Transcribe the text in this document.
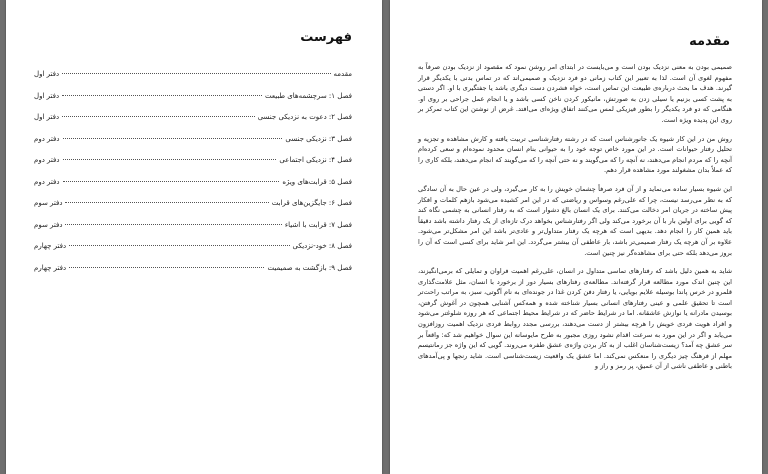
فهرست
مقدمه
دفتر اول
فصل ۱: سرچشمه‌های طبیعت
دفتر اول
فصل ۲: دعوت به نزدیکی جنسی
دفتر اول
فصل ۳: نزدیکی جنسی
دفتر دوم
فصل ۴: نزدیکی اجتماعی
دفتر دوم
فصل ۵: قرابت‌های ویژه
دفتر دوم
فصل ۶: جایگزین‌های قرابت
دفتر سوم
فصل ۷: قرابت با اشیاء
دفتر سوم
فصل ۸: خود-نزدیکی
دفتر چهارم
فصل ۹: بازگشت به صمیمیت
دفتر چهارم
مقدمه

صمیمی بودن به معنی نزدیک بودن است و می‌بایست در ابتدای امر روشن نمود که مقصود از نزدیک بودن صرفاً به مفهوم لغوی آن است. لذا به تعبیر این کتاب زمانی دو فرد نزدیک و صمیمی‌اند که در تماس بدنی با یکدیگر قرار گیرند. هدف ما بحث درباره‌ی طبیعت این تماس است، خواه فشردن دست دیگری باشد یا جفتگیری با او. اگر دستی به پشت کسی بزنیم یا سیلی زدن به صورتش، مانیکور کردن ناخن کسی باشد و یا انجام عمل جراحی بر روی او. هنگامی که دو فرد یکدیگر را بطور فیزیکی لمس می‌کنند اتفاق ویژه‌ای می‌افتد. غرض از نوشتن این کتاب تمرکز بر روی این پدیده ویژه است.

روش من در این کار شیوه یک جانورشناس است که در رشته رفتارشناسی تربیت یافته و کارش مشاهده و تجزیه و تحلیل رفتار حیوانات است. در این مورد خاص توجه خود را به حیوانی بنام انسان محدود نموده‌ام و سعی کرده‌ام آنچه را که مردم انجام می‌دهند، نه آنچه را که می‌گویند و نه حتی آنچه را که می‌گویند که انجام می‌دهند، بلکه کاری را که عملاً بدان مشغولند مورد مشاهده قرار دهم.

این شیوه بسیار ساده می‌نماید و از آن فرد صرفاً چشمان خویش را به کار می‌گیرد، ولی در عین حال به آن سادگی که به نظر می‌رسد نیست، چرا که علی‌رغم وسواس و ریاضتی که در این امر کشیده می‌شود بازهم کلمات و افکار پیش ساخته در جریان امر دخالت می‌کنند. برای یک انسان بالغ دشوار است که به رفتار انسانی به چشمی نگاه کند که گویی برای اولین بار با آن برخورد می‌کند ولی اگر رفتارشناس بخواهد درک تازه‌ای از یک رفتار داشته باشد دقیقاً باید همین کار را انجام دهد. بدیهی است که هرچه یک رفتار متداول‌تر و عادی‌تر باشد این امر مشکل‌تر می‌شود. علاوه بر آن هرچه یک رفتار صمیمی‌تر باشد، بار عاطفی آن بیشتر می‌گردد. این امر شاید برای کسی است که آن را بروز می‌دهد بلکه حتی برای مشاهده‌گر نیز چنین است.

شاید به همین دلیل باشد که رفتارهای تماسی متداول در انسان، علی‌رغم اهمیت فراوان و تمایلی که برمی‌انگیزند، این چنین اندک مورد مطالعه قرار گرفته‌اند. مطالعه‌ی رفتارهای بسیار دور از برخورد با انسان، مثل علامت‌گذاری قلمرو در خرس پاندا بوسیله علایم بویایی، یا رفتار دفن کردن غذا در جونده‌ای به نام آگوتی، سبز، به مراتب راحت‌تر است تا تحقیق علمی و عینی رفتارهای انسانی بسیار شناخته شده و همه‌کس آشنایی همچون در آغوش گرفتن، بوسیدن مادرانه یا نوازش عاشقانه. اما در شرایط حاضر که در شرایط محیط اجتماعی که هر روزه شلوغتر می‌شود و افراد هویت فردی خویش را هرچه بیشتر از دست می‌دهند، بررسی مجدد روابط فردی نزدیک اهمیت روزافزون می‌یابد و اگر در این مورد به سرعت اقدام نشود روزی مجبور به طرح مایوسانه این سوال خواهیم شد که: واقعاً بر سر عشق چه آمد؟ زیست‌شناسان اغلب از به کار بردن واژه‌ی عشق طفره می‌روند. گویی که این واژه جز رمانتیسم مهلم از فرهنگ چیز دیگری را منعکس نمی‌کند. اما عشق یک واقعیت زیست‌شناسی است. شاید رنجها و پی‌آمدهای باطنی و عاطفی ناشی از آن عمیق، پر رمز و راز و
